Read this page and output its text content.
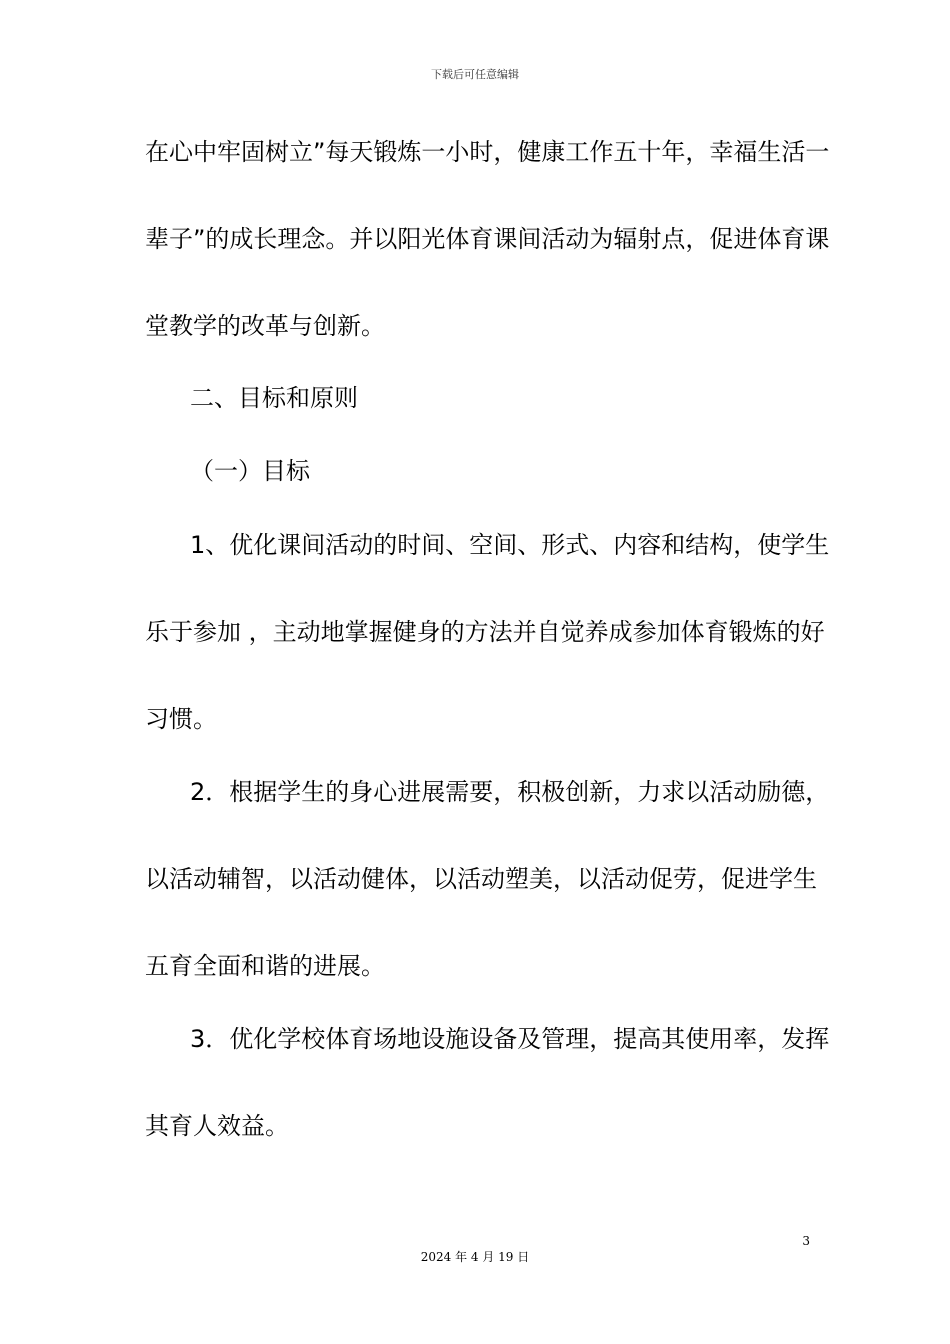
下载后可任意编辑
在心中牢固树立”每天锻炼一小时，健康工作五十年，幸福生活一
辈子”的成长理念。并以阳光体育课间活动为辐射点，促进体育课
堂教学的改革与创新。
二、目标和原则
（一）目标
1、优化课间活动的时间、空间、形式、内容和结构，使学生
乐于参加 ，主动地掌握健身的方法并自觉养成参加体育锻炼的好
习惯。
2．根据学生的身心进展需要，积极创新，力求以活动励德，
以活动辅智，以活动健体，以活动塑美，以活动促劳，促进学生
五育全面和谐的进展。
3．优化学校体育场地设施设备及管理，提高其使用率，发挥
其育人效益。
3
2024 年 4 月 19 日
